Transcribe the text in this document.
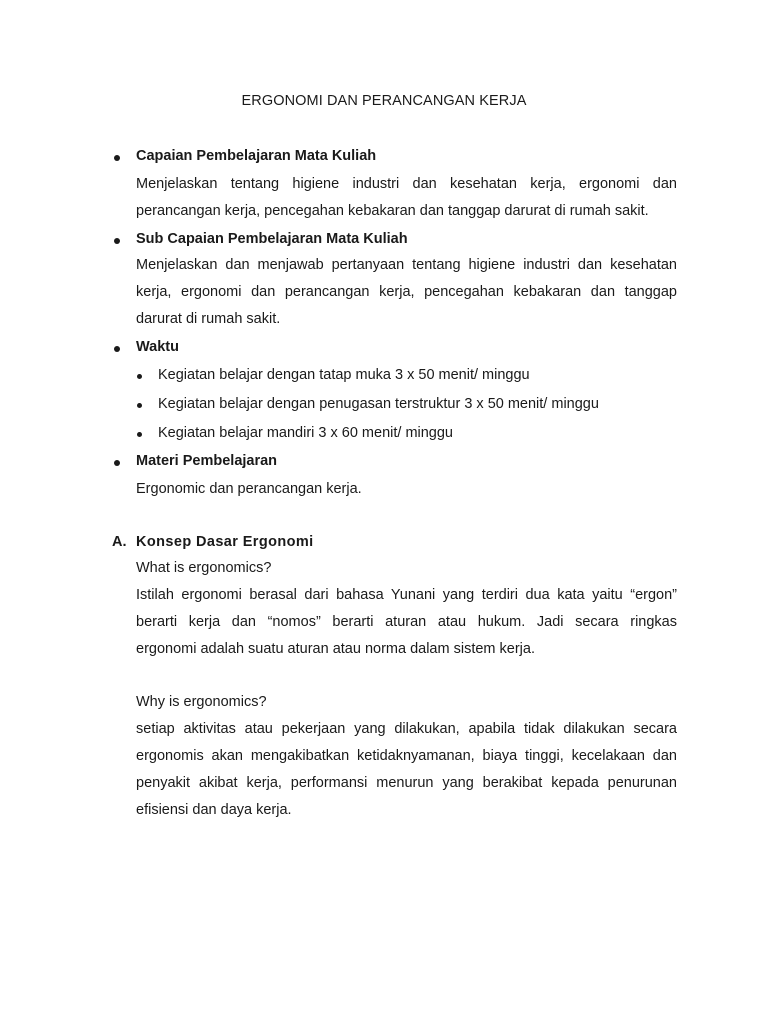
ERGONOMI DAN PERANCANGAN KERJA
Capaian Pembelajaran Mata Kuliah
Menjelaskan tentang higiene industri dan kesehatan kerja, ergonomi dan
perancangan kerja, pencegahan kebakaran dan tanggap darurat di rumah sakit.
Sub Capaian Pembelajaran Mata Kuliah
Menjelaskan dan menjawab pertanyaan tentang higiene industri dan kesehatan
kerja, ergonomi dan perancangan kerja, pencegahan kebakaran dan tanggap
darurat di rumah sakit.
Waktu
Kegiatan belajar dengan tatap muka 3 x 50 menit/ minggu
Kegiatan belajar dengan penugasan terstruktur 3 x 50 menit/ minggu
Kegiatan belajar mandiri 3 x 60 menit/ minggu
Materi Pembelajaran
Ergonomic dan perancangan kerja.
A. Konsep Dasar Ergonomi
What is ergonomics?
Istilah ergonomi berasal dari bahasa Yunani yang terdiri dua kata yaitu “ergon”
berarti kerja dan “nomos” berarti aturan atau hukum. Jadi secara ringkas
ergonomi adalah suatu aturan atau norma dalam sistem kerja.
Why is ergonomics?
setiap aktivitas atau pekerjaan yang dilakukan, apabila tidak dilakukan secara
ergonomis akan mengakibatkan ketidaknyamanan, biaya tinggi, kecelakaan dan
penyakit akibat kerja, performansi menurun yang berakibat kepada penurunan
efisiensi dan daya kerja.
